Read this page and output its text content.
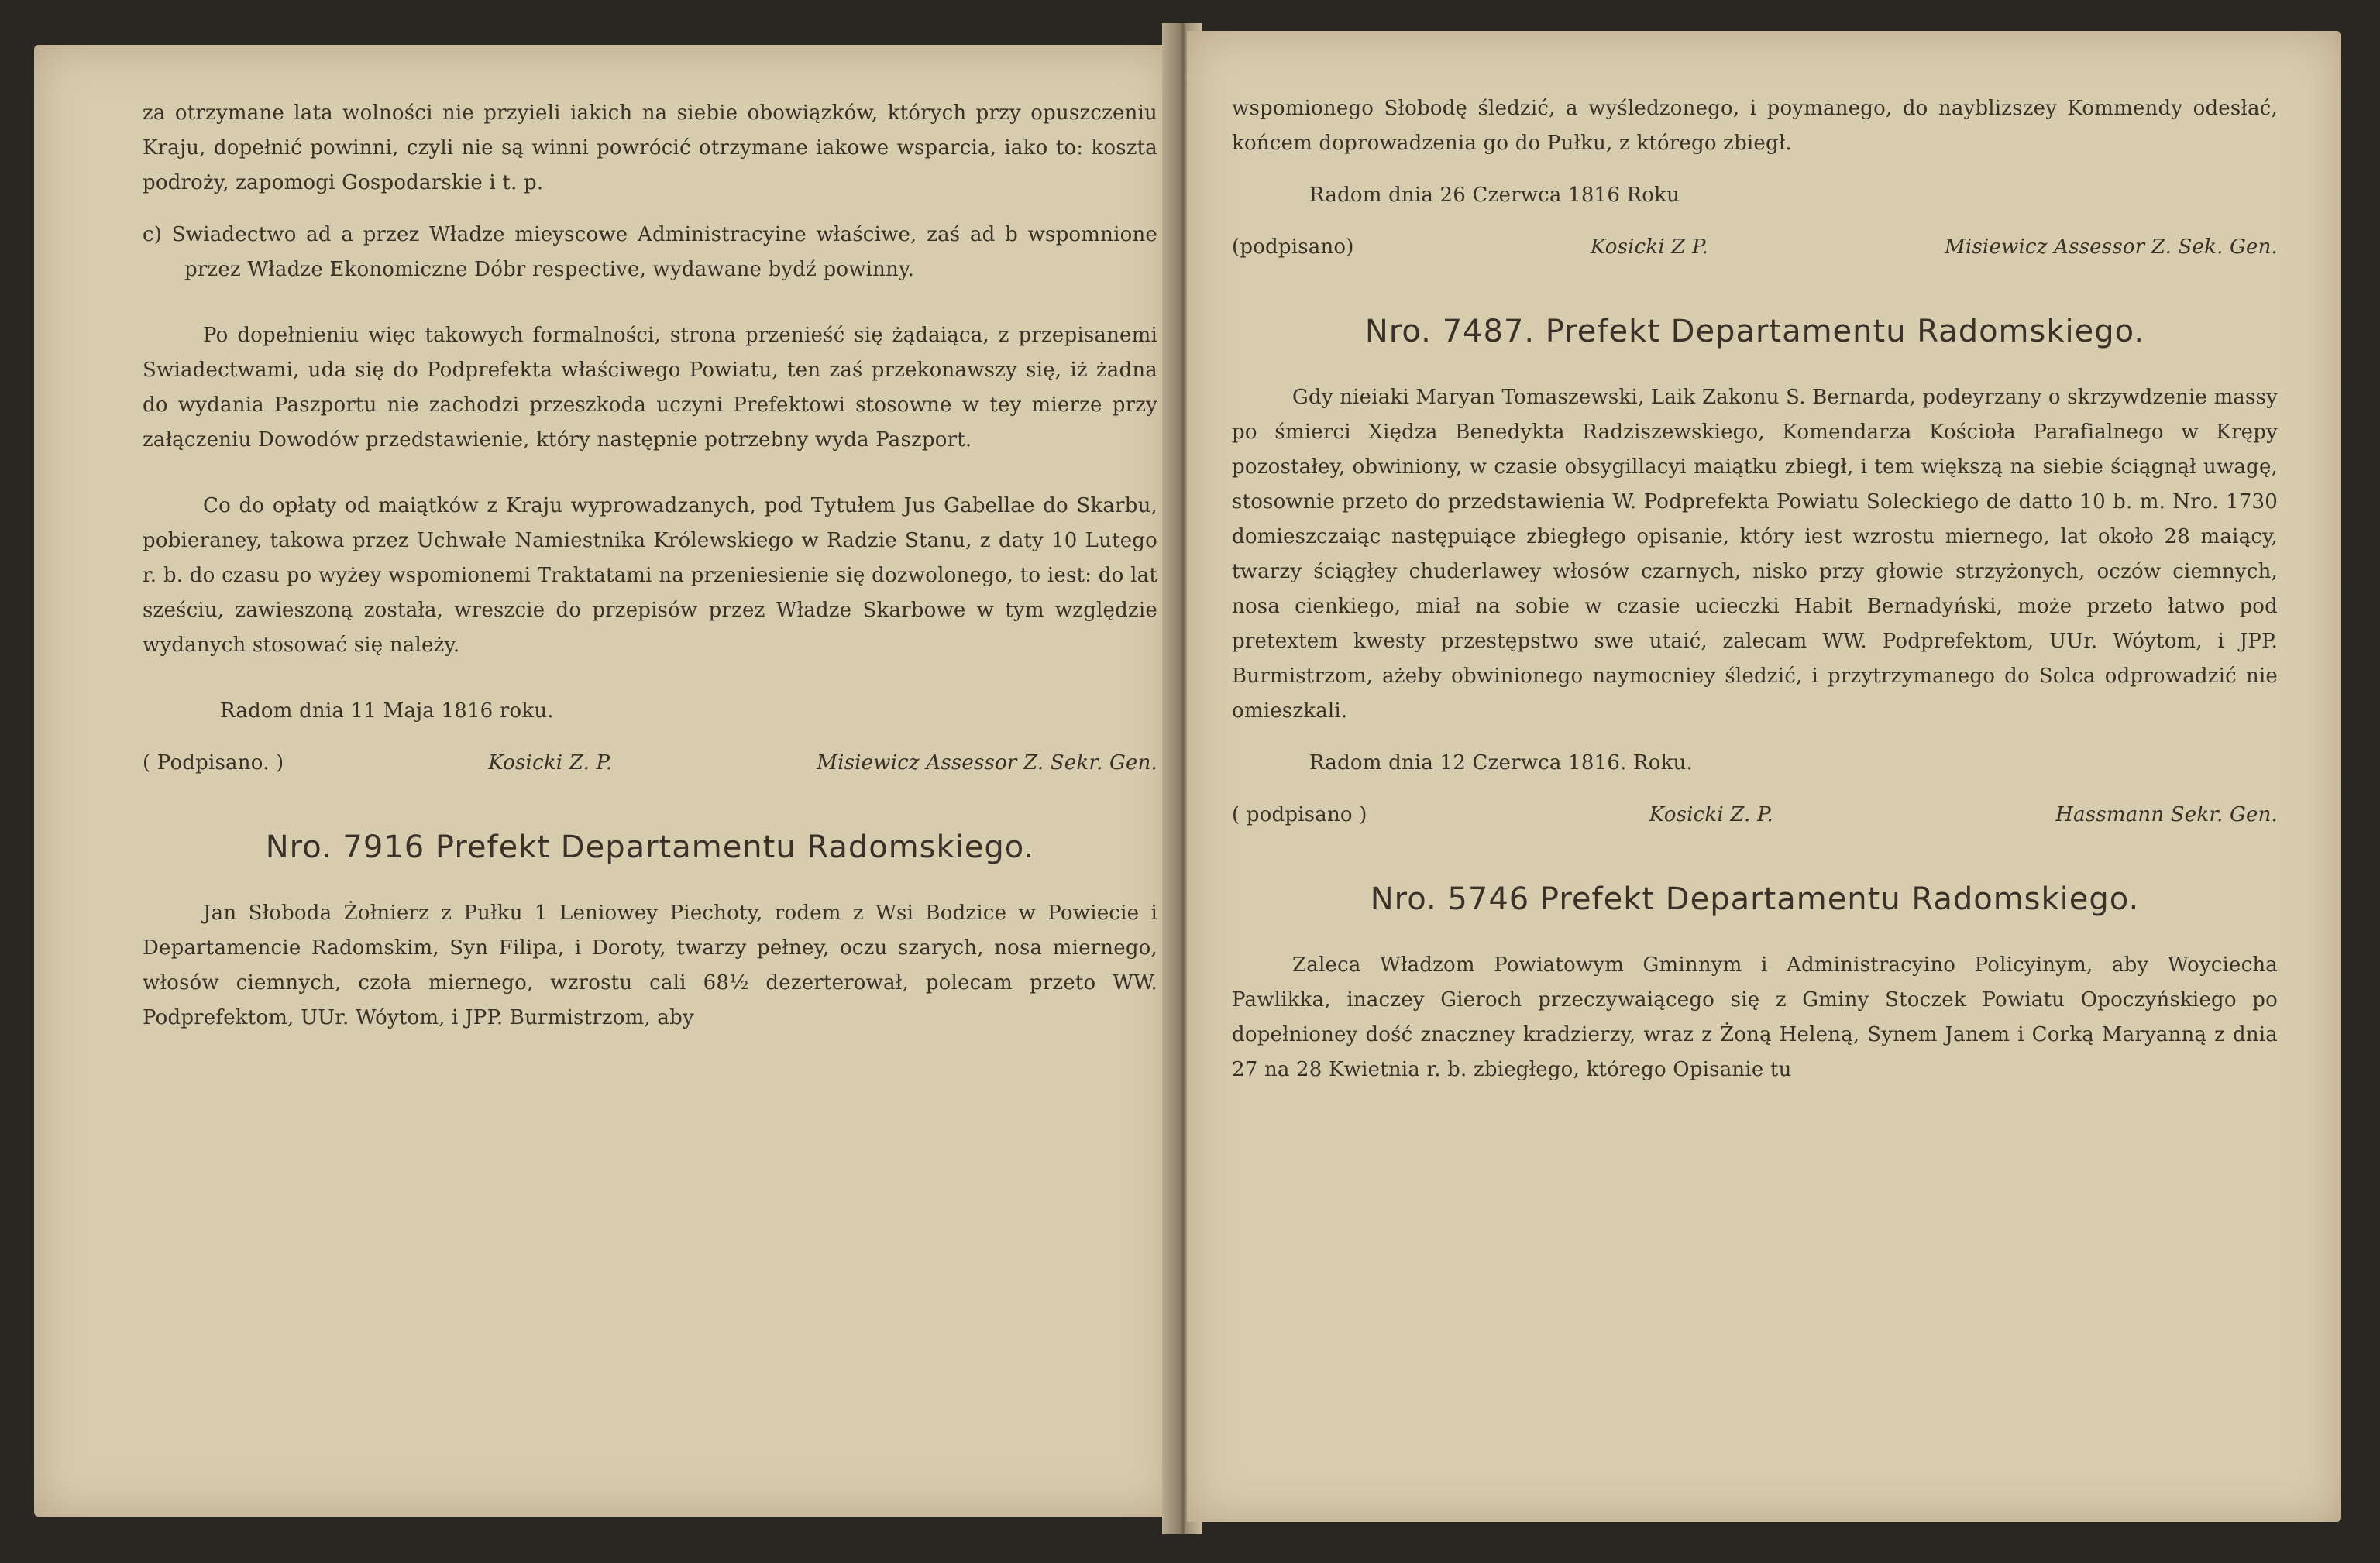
za otrzymane lata wolności nie przyieli iakich na siebie obowiązków, których przy opuszczeniu Kraju, dopełnić powinni, czyli nie są winni powrócić otrzymane iakowe wsparcia, iako to: koszta podroży, zapomogi Gospodarskie i t. p.

c) Swiadectwo ad a przez Władze mieyscowe Administracyine właściwe, zaś ad b wspomnione przez Władze Ekonomiczne Dóbr respective, wydawane bydź powinny.

Po dopełnieniu więc takowych formalności, strona przenieść się żądaiąca, z przepisanemi Swiadectwami, uda się do Podprefekta właściwego Powiatu, ten zaś przekonawszy się, iż żadna do wydania Paszportu nie zachodzi przeszkoda uczyni Prefektowi stosowne w tey mierze przy załączeniu Dowodów przedstawienie, który następnie potrzebny wyda Paszport.

Co do opłaty od maiątków z Kraju wyprowadzanych, pod Tytułem Jus Gabellae do Skarbu, pobieraney, takowa przez Uchwałe Namiestnika Królewskiego w Radzie Stanu, z daty 10 Lutego r. b. do czasu po wyżey wspomionemi Traktatami na przeniesienie się dozwolonego, to iest: do lat sześciu, zawieszoną została, wreszcie do przepisów przez Władze Skarbowe w tym względzie wydanych stosować się należy.

Radom dnia 11 Maja 1816 roku.

( Podpisano. )	Kosicki Z. P.	Misiewicz Assessor Z. Sekr. Gen.
Nro. 7916 Prefekt Departamentu Radomskiego.

Jan Słoboda Żołnierz z Pułku 1 Leniowey Piechoty, rodem z Wsi Bodzice w Powiecie i Departamencie Radomskim, Syn Filipa, i Doroty, twarzy pełney, oczu szarych, nosa miernego, włosów ciemnych, czoła miernego, wzrostu cali 68½ dezerterował, polecam przeto WW. Podprefektom, UUr. Wóytom, i JPP. Burmistrzom, aby

wspomionego Słobodę śledzić, a wyśledzonego, i poymanego, do nayblizszey Kommendy odesłać, końcem doprowadzenia go do Pułku, z którego zbiegł.

Radom dnia 26 Czerwca 1816 Roku

(podpisano)	Kosicki Z P.	Misiewicz Assessor Z. Sek. Gen.
Nro. 7487. Prefekt Departamentu Radomskiego.

Gdy nieiaki Maryan Tomaszewski, Laik Zakonu S. Bernarda, podeyrzany o skrzywdzenie massy po śmierci Xiędza Benedykta Radziszewskiego, Komendarza Kościoła Parafialnego w Krępy pozostałey, obwiniony, w czasie obsygillacyi maiątku zbiegł, i tem większą na siebie ściągnął uwagę, stosownie przeto do przedstawienia W. Podprefekta Powiatu Soleckiego de datto 10 b. m. Nro. 1730 domieszczaiąc następuiące zbiegłego opisanie, który iest wzrostu miernego, lat około 28 maiący, twarzy ściągłey chuderlawey włosów czarnych, nisko przy głowie strzyżonych, oczów ciemnych, nosa cienkiego, miał na sobie w czasie ucieczki Habit Bernadyński, może przeto łatwo pod pretextem kwesty przestępstwo swe utaić, zalecam WW. Podprefektom, UUr. Wóytom, i JPP. Burmistrzom, ażeby obwinionego naymocniey śledzić, i przytrzymanego do Solca odprowadzić nie omieszkali.

Radom dnia 12 Czerwca 1816. Roku.

( podpisano )	Kosicki Z. P.	Hassmann Sekr. Gen.
Nro. 5746 Prefekt Departamentu Radomskiego.

Zaleca Władzom Powiatowym Gminnym i Administracyino Policyinym, aby Woyciecha Pawlikka, inaczey Gieroch przeczywaiącego się z Gminy Stoczek Powiatu Opoczyńskiego po dopełnioney dość znaczney kradzierzy, wraz z Żoną Heleną, Synem Janem i Corką Maryanną z dnia 27 na 28 Kwietnia r. b. zbiegłego, którego Opisanie tu
